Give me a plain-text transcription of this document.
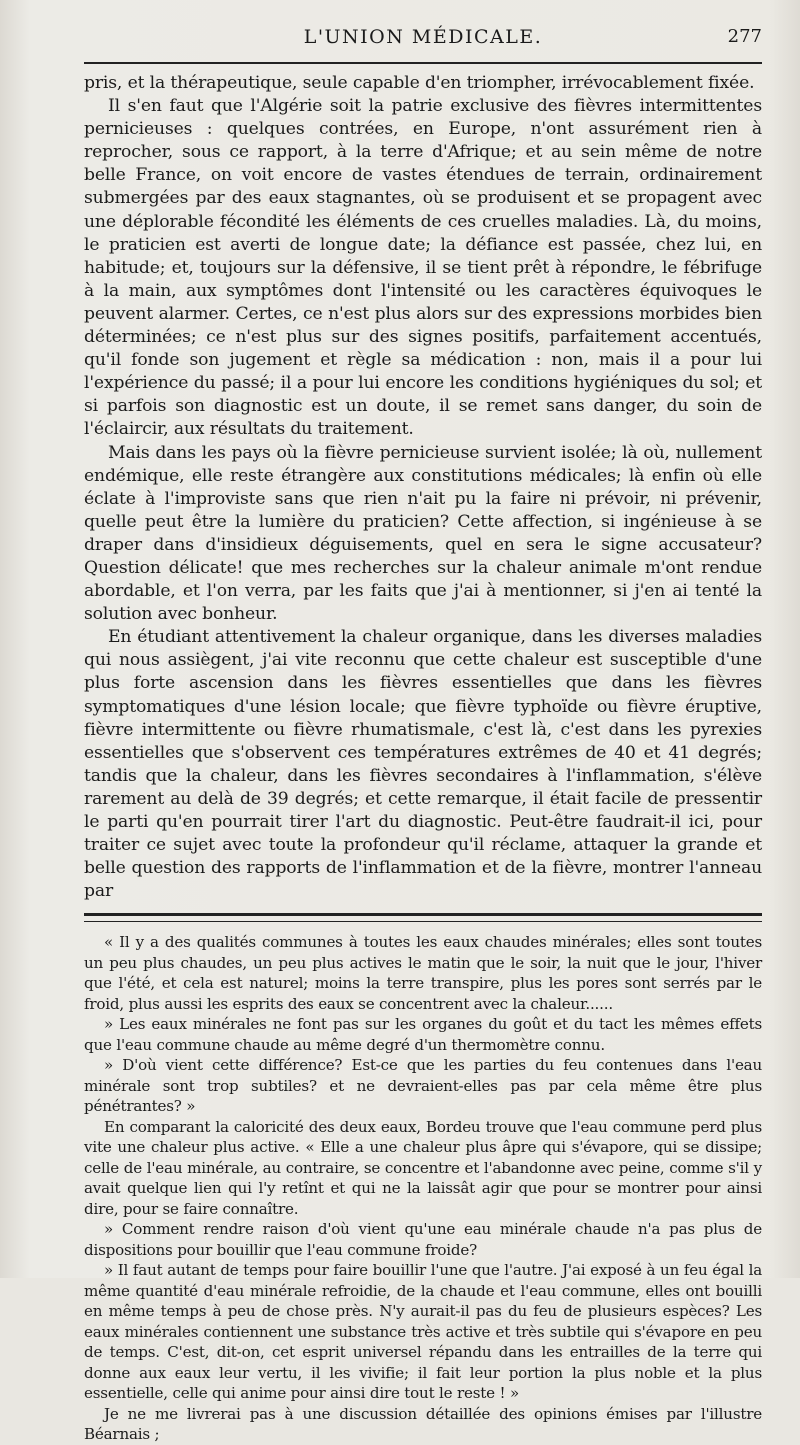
L'UNION MÉDICALE.	277

pris, et la thérapeutique, seule capable d'en triompher, irrévocablement fixée.

Il s'en faut que l'Algérie soit la patrie exclusive des fièvres intermittentes pernicieuses : quelques contrées, en Europe, n'ont assurément rien à reprocher, sous ce rapport, à la terre d'Afrique; et au sein même de notre belle France, on voit encore de vastes étendues de terrain, ordinairement submergées par des eaux stagnantes, où se produisent et se propagent avec une déplorable fécondité les éléments de ces cruelles maladies. Là, du moins, le praticien est averti de longue date; la défiance est passée, chez lui, en habitude; et, toujours sur la défensive, il se tient prêt à répondre, le fébrifuge à la main, aux symptômes dont l'intensité ou les caractères équivoques le peuvent alarmer. Certes, ce n'est plus alors sur des expressions morbides bien déterminées; ce n'est plus sur des signes positifs, parfaitement accentués, qu'il fonde son jugement et règle sa médication : non, mais il a pour lui l'expérience du passé; il a pour lui encore les conditions hygiéniques du sol; et si parfois son diagnostic est un doute, il se remet sans danger, du soin de l'éclaircir, aux résultats du traitement.

Mais dans les pays où la fièvre pernicieuse survient isolée; là où, nullement endémique, elle reste étrangère aux constitutions médicales; là enfin où elle éclate à l'improviste sans que rien n'ait pu la faire ni prévoir, ni prévenir, quelle peut être la lumière du praticien? Cette affection, si ingénieuse à se draper dans d'insidieux déguisements, quel en sera le signe accusateur? Question délicate! que mes recherches sur la chaleur animale m'ont rendue abordable, et l'on verra, par les faits que j'ai à mentionner, si j'en ai tenté la solution avec bonheur.

En étudiant attentivement la chaleur organique, dans les diverses maladies qui nous assiègent, j'ai vite reconnu que cette chaleur est susceptible d'une plus forte ascension dans les fièvres essentielles que dans les fièvres symptomatiques d'une lésion locale; que fièvre typhoïde ou fièvre éruptive, fièvre intermittente ou fièvre rhumatismale, c'est là, c'est dans les pyrexies essentielles que s'observent ces températures extrêmes de 40 et 41 degrés; tandis que la chaleur, dans les fièvres secondaires à l'inflammation, s'élève rarement au delà de 39 degrés; et cette remarque, il était facile de pressentir le parti qu'en pourrait tirer l'art du diagnostic. Peut-être faudrait-il ici, pour traiter ce sujet avec toute la profondeur qu'il réclame, attaquer la grande et belle question des rapports de l'inflammation et de la fièvre, montrer l'anneau par

« Il y a des qualités communes à toutes les eaux chaudes minérales; elles sont toutes un peu plus chaudes, un peu plus actives le matin que le soir, la nuit que le jour, l'hiver que l'été, et cela est naturel; moins la terre transpire, plus les pores sont serrés par le froid, plus aussi les esprits des eaux se concentrent avec la chaleur......

» Les eaux minérales ne font pas sur les organes du goût et du tact les mêmes effets que l'eau commune chaude au même degré d'un thermomètre connu.

» D'où vient cette différence? Est-ce que les parties du feu contenues dans l'eau minérale sont trop subtiles? et ne devraient-elles pas par cela même être plus pénétrantes? »

En comparant la caloricité des deux eaux, Bordeu trouve que l'eau commune perd plus vite une chaleur plus active. « Elle a une chaleur plus âpre qui s'évapore, qui se dissipe; celle de l'eau minérale, au contraire, se concentre et l'abandonne avec peine, comme s'il y avait quelque lien qui l'y retînt et qui ne la laissât agir que pour se montrer pour ainsi dire, pour se faire connaître.

» Comment rendre raison d'où vient qu'une eau minérale chaude n'a pas plus de dispositions pour bouillir que l'eau commune froide?

» Il faut autant de temps pour faire bouillir l'une que l'autre. J'ai exposé à un feu égal la même quantité d'eau minérale refroidie, de la chaude et l'eau commune, elles ont bouilli en même temps à peu de chose près. N'y aurait-il pas du feu de plusieurs espèces? Les eaux minérales contiennent une substance très active et très subtile qui s'évapore en peu de temps. C'est, dit-on, cet esprit universel répandu dans les entrailles de la terre qui donne aux eaux leur vertu, il les vivifie; il fait leur portion la plus noble et la plus essentielle, celle qui anime pour ainsi dire tout le reste ! »

Je ne me livrerai pas à une discussion détaillée des opinions émises par l'illustre Béarnais ;
